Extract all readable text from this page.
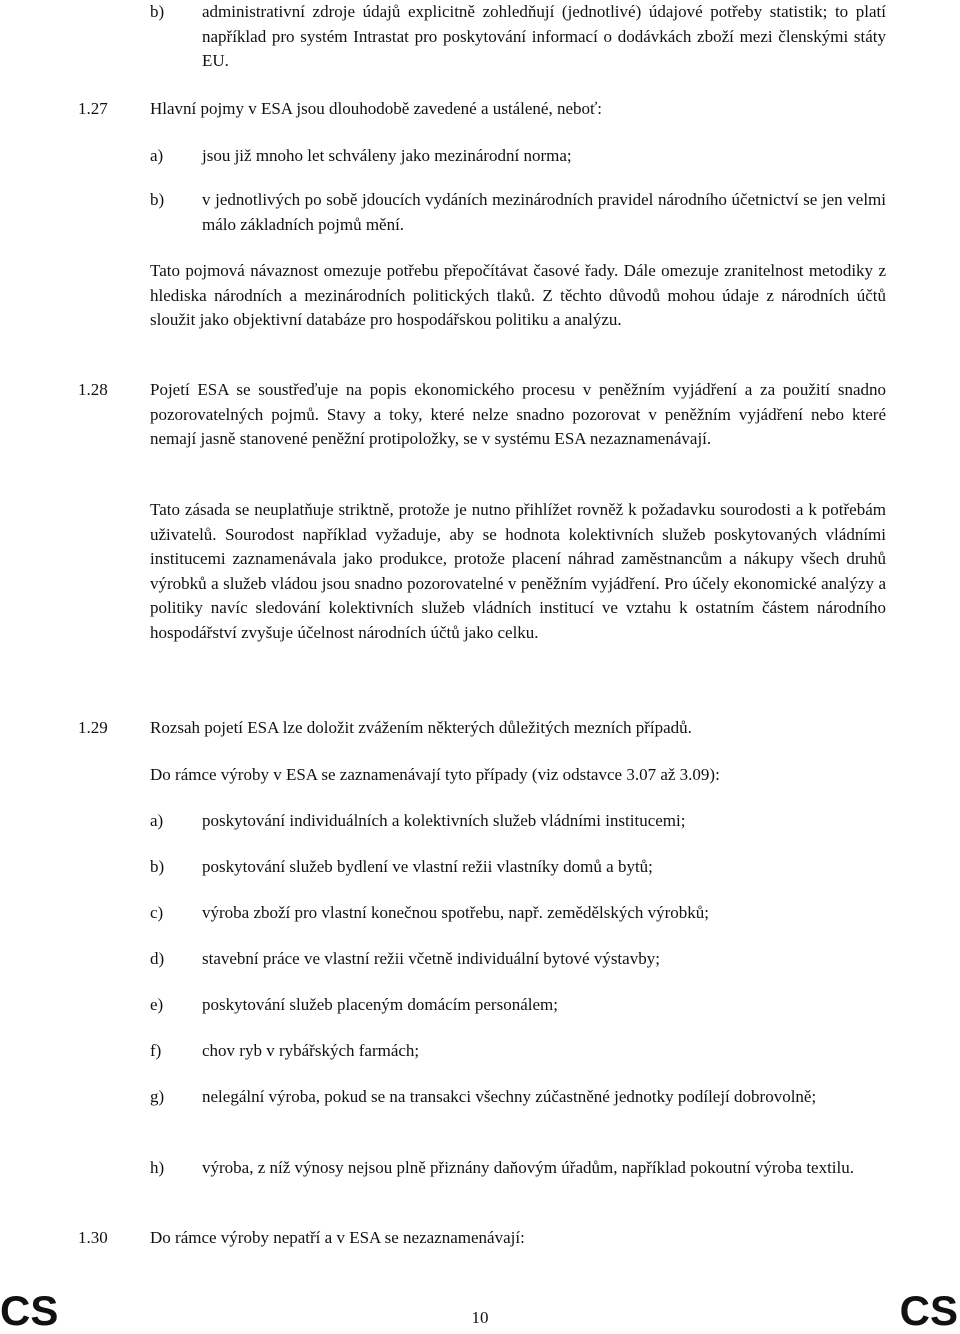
b) administrativní zdroje údajů explicitně zohledňují (jednotlivé) údajové potřeby statistik; to platí například pro systém Intrastat pro poskytování informací o dodávkách zboží mezi členskými státy EU.
1.27 Hlavní pojmy v ESA jsou dlouhodobě zavedené a ustálené, neboť:
a) jsou již mnoho let schváleny jako mezinárodní norma;
b) v jednotlivých po sobě jdoucích vydáních mezinárodních pravidel národního účetnictví se jen velmi málo základních pojmů mění.
Tato pojmová návaznost omezuje potřebu přepočítávat časové řady. Dále omezuje zranitelnost metodiky z hlediska národních a mezinárodních politických tlaků. Z těchto důvodů mohou údaje z národních účtů sloužit jako objektivní databáze pro hospodářskou politiku a analýzu.
1.28 Pojetí ESA se soustřeďuje na popis ekonomického procesu v peněžním vyjádření a za použití snadno pozorovatelných pojmů. Stavy a toky, které nelze snadno pozorovat v peněžním vyjádření nebo které nemají jasně stanovené peněžní protipoložky, se v systému ESA nezaznamenávají.
Tato zásada se neuplatňuje striktně, protože je nutno přihlížet rovněž k požadavku sourodosti a k potřebám uživatelů. Sourodost například vyžaduje, aby se hodnota kolektivních služeb poskytovaných vládními institucemi zaznamenávala jako produkce, protože placení náhrad zaměstnancům a nákupy všech druhů výrobků a služeb vládou jsou snadno pozorovatelné v peněžním vyjádření. Pro účely ekonomické analýzy a politiky navíc sledování kolektivních služeb vládních institucí ve vztahu k ostatním částem národního hospodářství zvyšuje účelnost národních účtů jako celku.
1.29 Rozsah pojetí ESA lze doložit zvážením některých důležitých mezních případů.
Do rámce výroby v ESA se zaznamenávají tyto případy (viz odstavce 3.07 až 3.09):
a) poskytování individuálních a kolektivních služeb vládními institucemi;
b) poskytování služeb bydlení ve vlastní režii vlastníky domů a bytů;
c) výroba zboží pro vlastní konečnou spotřebu, např. zemědělských výrobků;
d) stavební práce ve vlastní režii včetně individuální bytové výstavby;
e) poskytování služeb placeným domácím personálem;
f) chov ryb v rybářských farmách;
g) nelegální výroba, pokud se na transakci všechny zúčastněné jednotky podílejí dobrovolně;
h) výroba, z níž výnosy nejsou plně přiznány daňovým úřadům, například pokoutní výroba textilu.
1.30 Do rámce výroby nepatří a v ESA se nezaznamenávají:
CS	10	CS
